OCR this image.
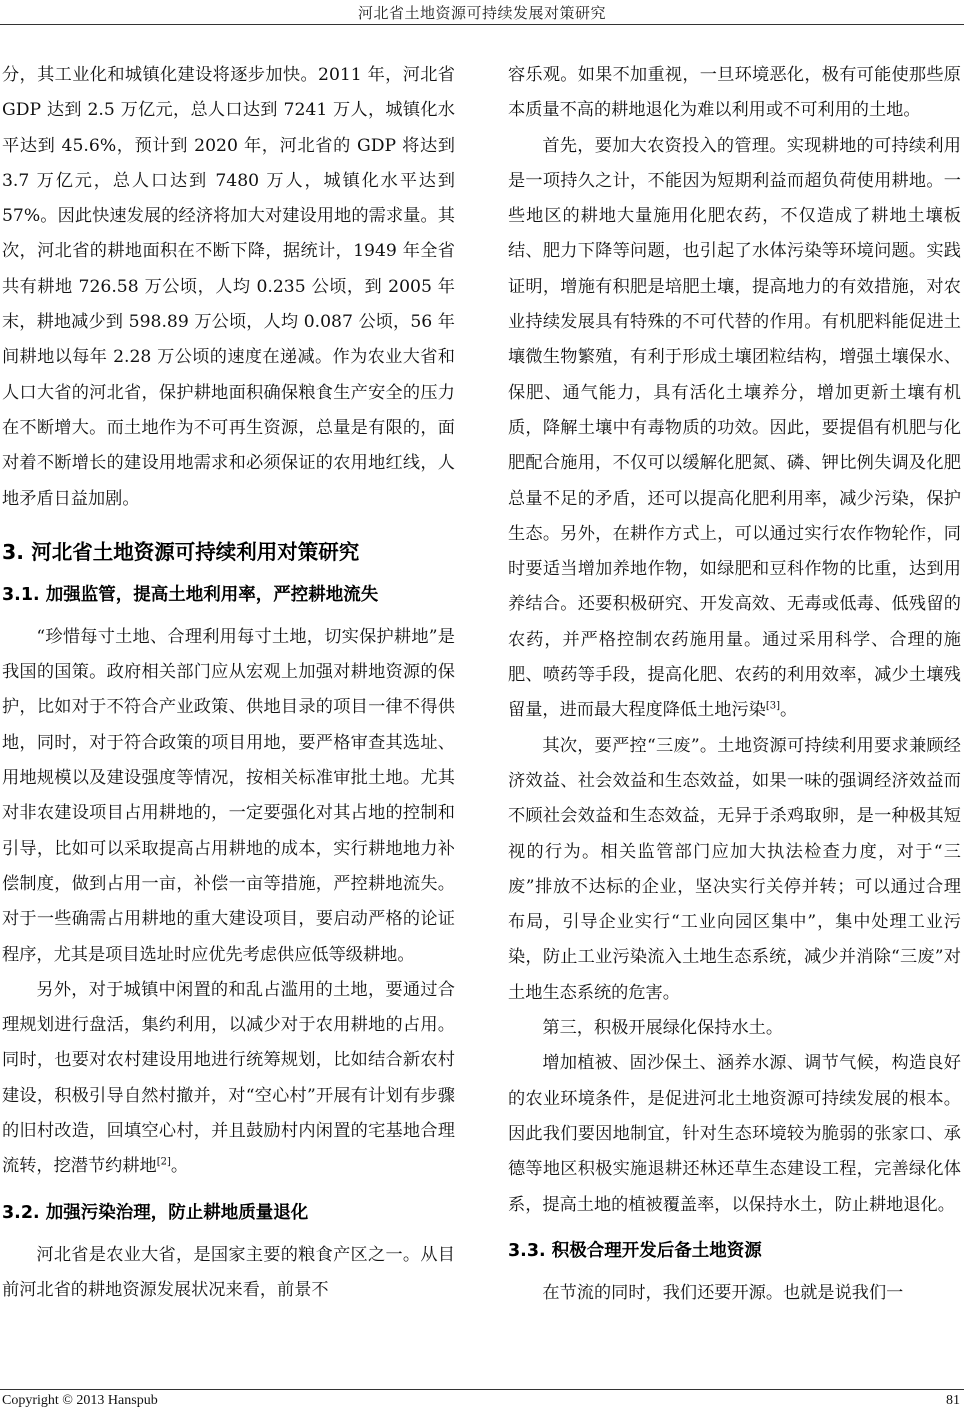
河北省土地资源可持续发展对策研究

分，其工业化和城镇化建设将逐步加快。2011 年，河北省 GDP 达到 2.5 万亿元，总人口达到 7241 万人，城镇化水平达到 45.6%，预计到 2020 年，河北省的 GDP 将达到 3.7 万亿元，总人口达到 7480 万人，城镇化水平达到 57%。因此快速发展的经济将加大对建设用地的需求量。其次，河北省的耕地面积在不断下降，据统计，1949 年全省共有耕地 726.58 万公顷，人均 0.235 公顷，到 2005 年末，耕地减少到 598.89 万公顷，人均 0.087 公顷，56 年间耕地以每年 2.28 万公顷的速度在递减。作为农业大省和人口大省的河北省，保护耕地面积确保粮食生产安全的压力在不断增大。而土地作为不可再生资源，总量是有限的，面对着不断增长的建设用地需求和必须保证的农用地红线，人地矛盾日益加剧。

3. 河北省土地资源可持续利用对策研究
3.1. 加强监管，提高土地利用率，严控耕地流失

“珍惜每寸土地、合理利用每寸土地，切实保护耕地”是我国的国策。政府相关部门应从宏观上加强对耕地资源的保护，比如对于不符合产业政策、供地目录的项目一律不得供地，同时，对于符合政策的项目用地，要严格审查其选址、用地规模以及建设强度等情况，按相关标准审批土地。尤其对非农建设项目占用耕地的，一定要强化对其占地的控制和引导，比如可以采取提高占用耕地的成本，实行耕地地力补偿制度，做到占用一亩，补偿一亩等措施，严控耕地流失。对于一些确需占用耕地的重大建设项目，要启动严格的论证程序，尤其是项目选址时应优先考虑供应低等级耕地。

另外，对于城镇中闲置的和乱占滥用的土地，要通过合理规划进行盘活，集约利用，以减少对于农用耕地的占用。同时，也要对农村建设用地进行统筹规划，比如结合新农村建设，积极引导自然村撤并，对“空心村”开展有计划有步骤的旧村改造，回填空心村，并且鼓励村内闲置的宅基地合理流转，挖潜节约耕地[2]。

3.2. 加强污染治理，防止耕地质量退化

河北省是农业大省，是国家主要的粮食产区之一。从目前河北省的耕地资源发展状况来看，前景不

容乐观。如果不加重视，一旦环境恶化，极有可能使那些原本质量不高的耕地退化为难以利用或不可利用的土地。

首先，要加大农资投入的管理。实现耕地的可持续利用是一项持久之计，不能因为短期利益而超负荷使用耕地。一些地区的耕地大量施用化肥农药，不仅造成了耕地土壤板结、肥力下降等问题，也引起了水体污染等环境问题。实践证明，增施有积肥是培肥土壤，提高地力的有效措施，对农业持续发展具有特殊的不可代替的作用。有机肥料能促进土壤微生物繁殖，有利于形成土壤团粒结构，增强土壤保水、保肥、通气能力，具有活化土壤养分，增加更新土壤有机质，降解土壤中有毒物质的功效。因此，要提倡有机肥与化肥配合施用，不仅可以缓解化肥氮、磷、钾比例失调及化肥总量不足的矛盾，还可以提高化肥利用率，减少污染，保护生态。另外，在耕作方式上，可以通过实行农作物轮作，同时要适当增加养地作物，如绿肥和豆科作物的比重，达到用养结合。还要积极研究、开发高效、无毒或低毒、低残留的农药，并严格控制农药施用量。通过采用科学、合理的施肥、喷药等手段，提高化肥、农药的利用效率，减少土壤残留量，进而最大程度降低土地污染[3]。

其次，要严控“三废”。土地资源可持续利用要求兼顾经济效益、社会效益和生态效益，如果一味的强调经济效益而不顾社会效益和生态效益，无异于杀鸡取卵，是一种极其短视的行为。相关监管部门应加大执法检查力度，对于“三废”排放不达标的企业，坚决实行关停并转；可以通过合理布局，引导企业实行“工业向园区集中”，集中处理工业污染，防止工业污染流入土地生态系统，减少并消除“三废”对土地生态系统的危害。

第三，积极开展绿化保持水土。

增加植被、固沙保土、涵养水源、调节气候，构造良好的农业环境条件，是促进河北土地资源可持续发展的根本。因此我们要因地制宜，针对生态环境较为脆弱的张家口、承德等地区积极实施退耕还林还草生态建设工程，完善绿化体系，提高土地的植被覆盖率，以保持水土，防止耕地退化。

3.3. 积极合理开发后备土地资源

在节流的同时，我们还要开源。也就是说我们一

Copyright © 2013 Hanspub	81
